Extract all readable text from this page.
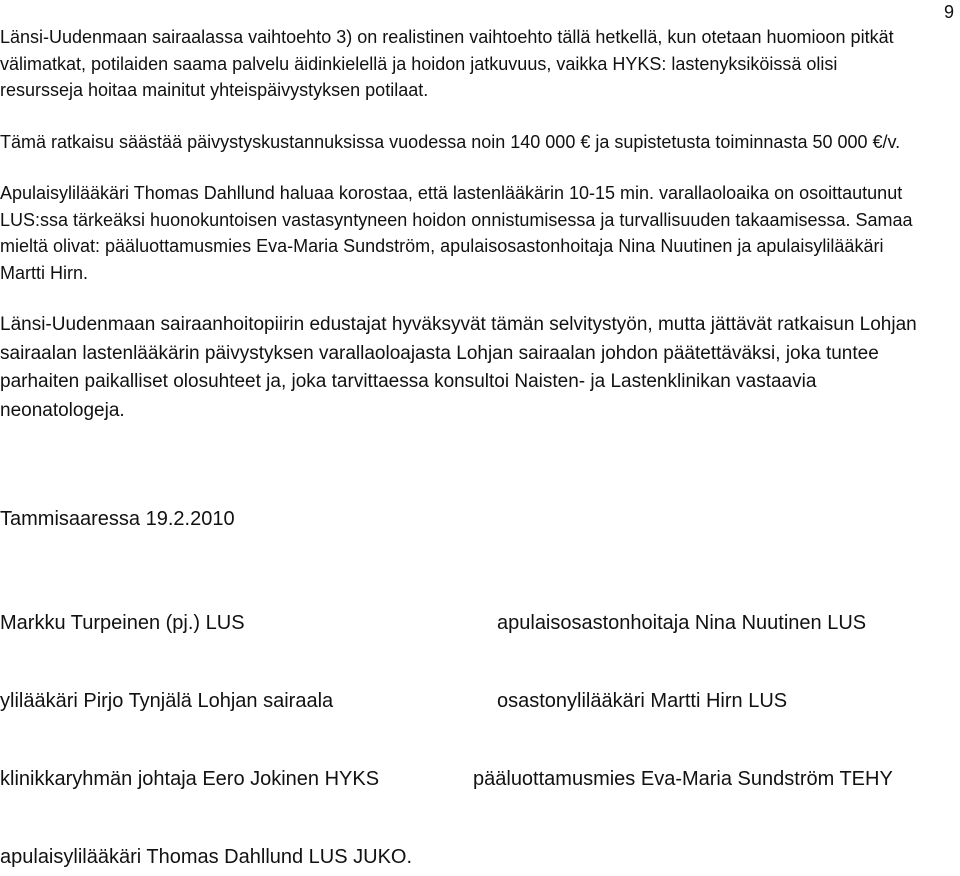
9

Länsi-Uudenmaan sairaalassa vaihtoehto 3) on realistinen vaihtoehto tällä hetkellä, kun otetaan huomioon pitkät välimatkat, potilaiden saama palvelu äidinkielellä ja hoidon jatkuvuus, vaikka HYKS: lastenyksiköissä olisi resursseja hoitaa mainitut yhteispäivystyksen potilaat.

Tämä ratkaisu säästää päivystyskustannuksissa vuodessa noin 140 000 € ja supistetusta toiminnasta 50 000 €/v.

Apulaisylilääkäri Thomas Dahllund haluaa korostaa, että lastenlääkärin 10-15 min. varallaoloaika on osoittautunut LUS:ssa tärkeäksi huonokuntoisen vastasyntyneen hoidon onnistumisessa ja turvallisuuden takaamisessa. Samaa mieltä olivat: pääluottamusmies Eva-Maria Sundström, apulaisosastonhoitaja Nina Nuutinen ja apulaisylilääkäri Martti Hirn.

Länsi-Uudenmaan sairaanhoitopiirin edustajat hyväksyvät tämän selvitystyön, mutta jättävät ratkaisun Lohjan sairaalan lastenlääkärin päivystyksen varallaoloajasta Lohjan sairaalan johdon päätettäväksi, joka tuntee parhaiten paikalliset olosuhteet ja, joka tarvittaessa konsultoi Naisten- ja Lastenklinikan vastaavia neonatologeja.

Tammisaaressa 19.2.2010

Markku Turpeinen (pj.) LUS	apulaisosastonhoitaja Nina Nuutinen LUS

ylilääkäri Pirjo Tynjälä Lohjan sairaala	osastonylilääkäri Martti Hirn LUS

klinikkaryhmän johtaja Eero Jokinen HYKS	pääluottamusmies Eva-Maria Sundström TEHY

apulaisylilääkäri Thomas Dahllund LUS JUKO.
